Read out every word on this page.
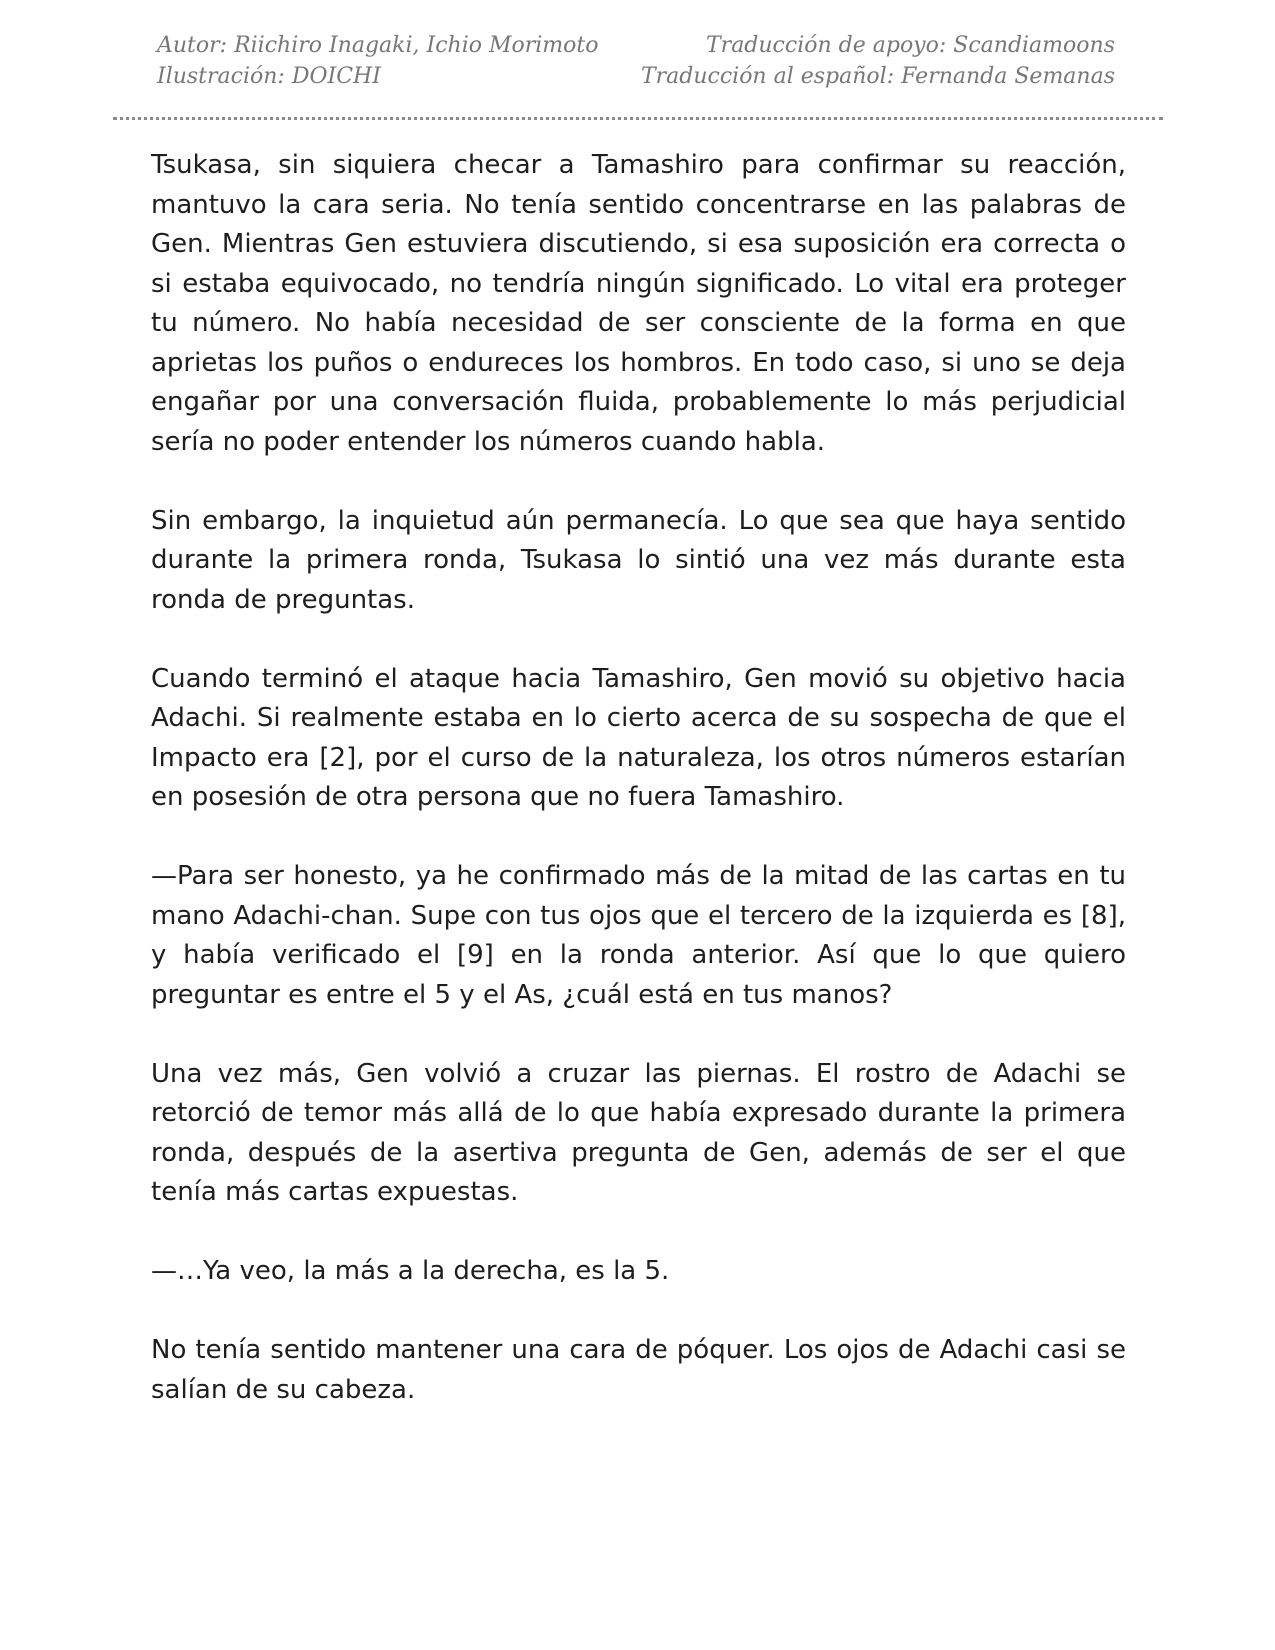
Autor: Riichiro Inagaki, Ichio Morimoto
Ilustración: DOICHI
Traducción de apoyo: Scandiamoons
Traducción al español: Fernanda Semanas

Tsukasa, sin siquiera checar a Tamashiro para confirmar su reacción, mantuvo la cara seria. No tenía sentido concentrarse en las palabras de Gen. Mientras Gen estuviera discutiendo, si esa suposición era correcta o si estaba equivocado, no tendría ningún significado. Lo vital era proteger tu número. No había necesidad de ser consciente de la forma en que aprietas los puños o endureces los hombros. En todo caso, si uno se deja engañar por una conversación fluida, probablemente lo más perjudicial sería no poder entender los números cuando habla.

Sin embargo, la inquietud aún permanecía. Lo que sea que haya sentido durante la primera ronda, Tsukasa lo sintió una vez más durante esta ronda de preguntas.

Cuando terminó el ataque hacia Tamashiro, Gen movió su objetivo hacia Adachi. Si realmente estaba en lo cierto acerca de su sospecha de que el Impacto era [2], por el curso de la naturaleza, los otros números estarían en posesión de otra persona que no fuera Tamashiro.

—Para ser honesto, ya he confirmado más de la mitad de las cartas en tu mano Adachi-chan. Supe con tus ojos que el tercero de la izquierda es [8], y había verificado el [9] en la ronda anterior. Así que lo que quiero preguntar es entre el 5 y el As, ¿cuál está en tus manos?

Una vez más, Gen volvió a cruzar las piernas. El rostro de Adachi se retorció de temor más allá de lo que había expresado durante la primera ronda, después de la asertiva pregunta de Gen, además de ser el que tenía más cartas expuestas.

—…Ya veo, la más a la derecha, es la 5.

No tenía sentido mantener una cara de póquer. Los ojos de Adachi casi se salían de su cabeza.
